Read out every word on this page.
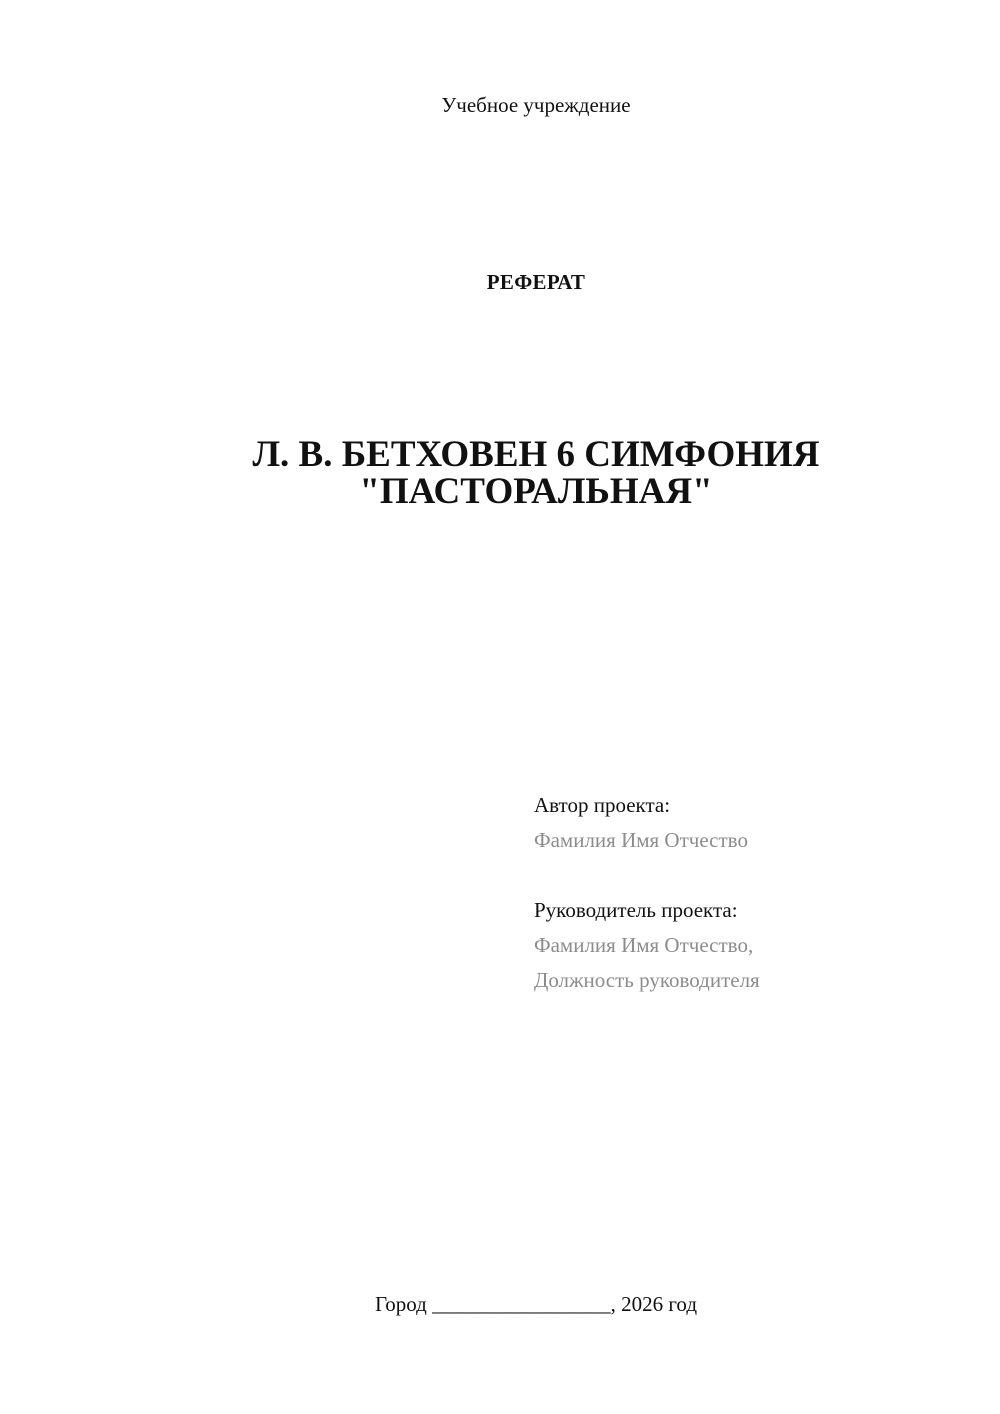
Учебное учреждение
РЕФЕРАТ
Л. В. БЕТХОВЕН 6 СИМФОНИЯ
"ПАСТОРАЛЬНАЯ"
Автор проекта:
Фамилия Имя Отчество
Руководитель проекта:
Фамилия Имя Отчество,
Должность руководителя
Город _________________, 2026 год
